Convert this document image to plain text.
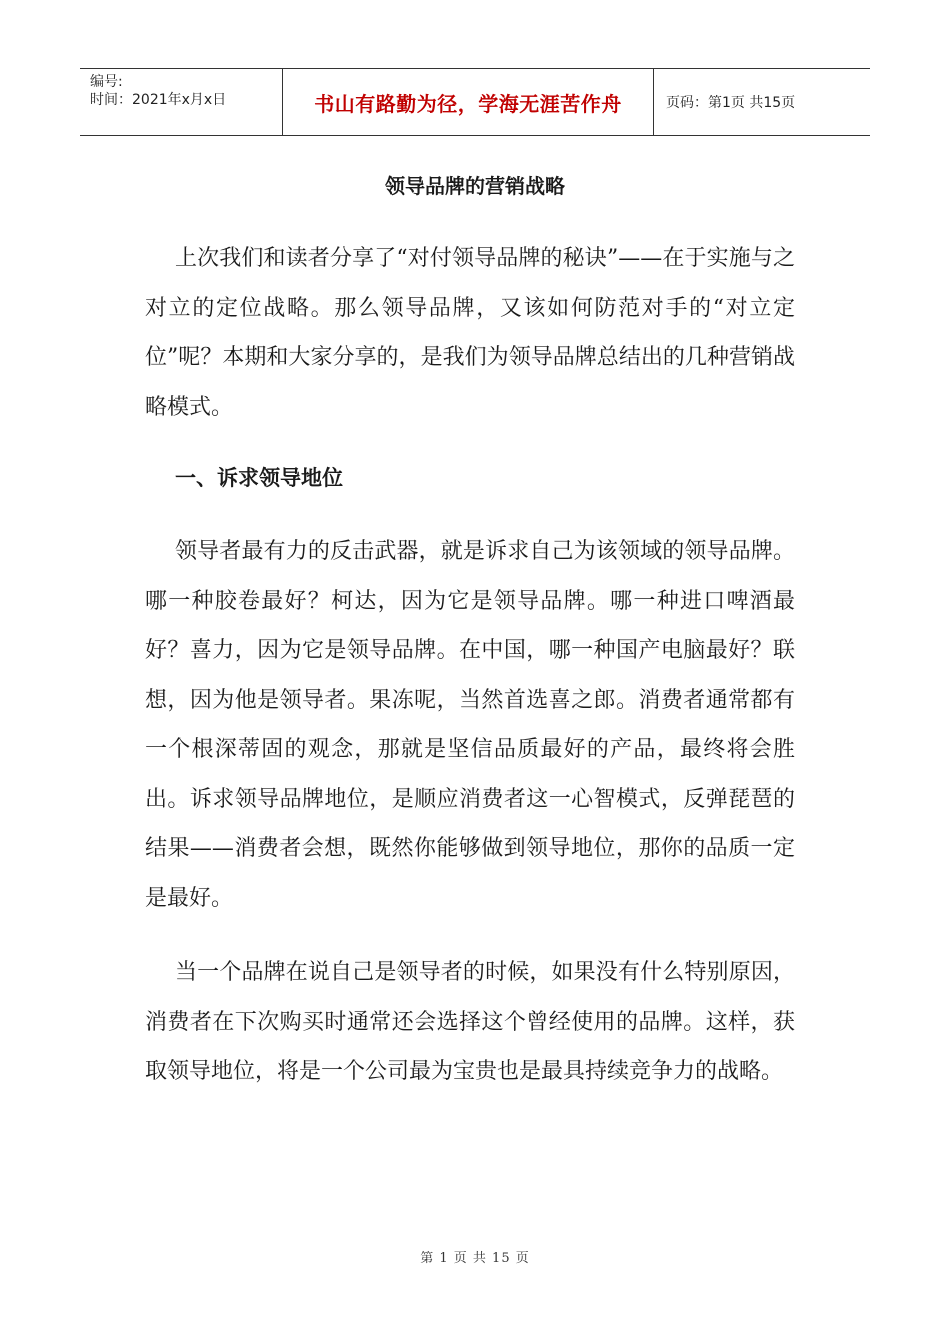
编号:
时间：2021年x月x日	书山有路勤为径，学海无涯苦作舟	页码：第1页 共15页
领导品牌的营销战略

上次我们和读者分享了“对付领导品牌的秘诀”——在于实施与之对立的定位战略。那么领导品牌，又该如何防范对手的“对立定位”呢？本期和大家分享的，是我们为领导品牌总结出的几种营销战略模式。

一、诉求领导地位

领导者最有力的反击武器，就是诉求自己为该领域的领导品牌。哪一种胶卷最好？柯达，因为它是领导品牌。哪一种进口啤酒最好？喜力，因为它是领导品牌。在中国，哪一种国产电脑最好？联想，因为他是领导者。果冻呢，当然首选喜之郎。消费者通常都有一个根深蒂固的观念，那就是坚信品质最好的产品，最终将会胜出。诉求领导品牌地位，是顺应消费者这一心智模式，反弹琵琶的结果——消费者会想，既然你能够做到领导地位，那你的品质一定是最好。

当一个品牌在说自己是领导者的时候，如果没有什么特别原因，消费者在下次购买时通常还会选择这个曾经使用的品牌。这样，获取领导地位，将是一个公司最为宝贵也是最具持续竞争力的战略。

第 1 页 共 15 页
